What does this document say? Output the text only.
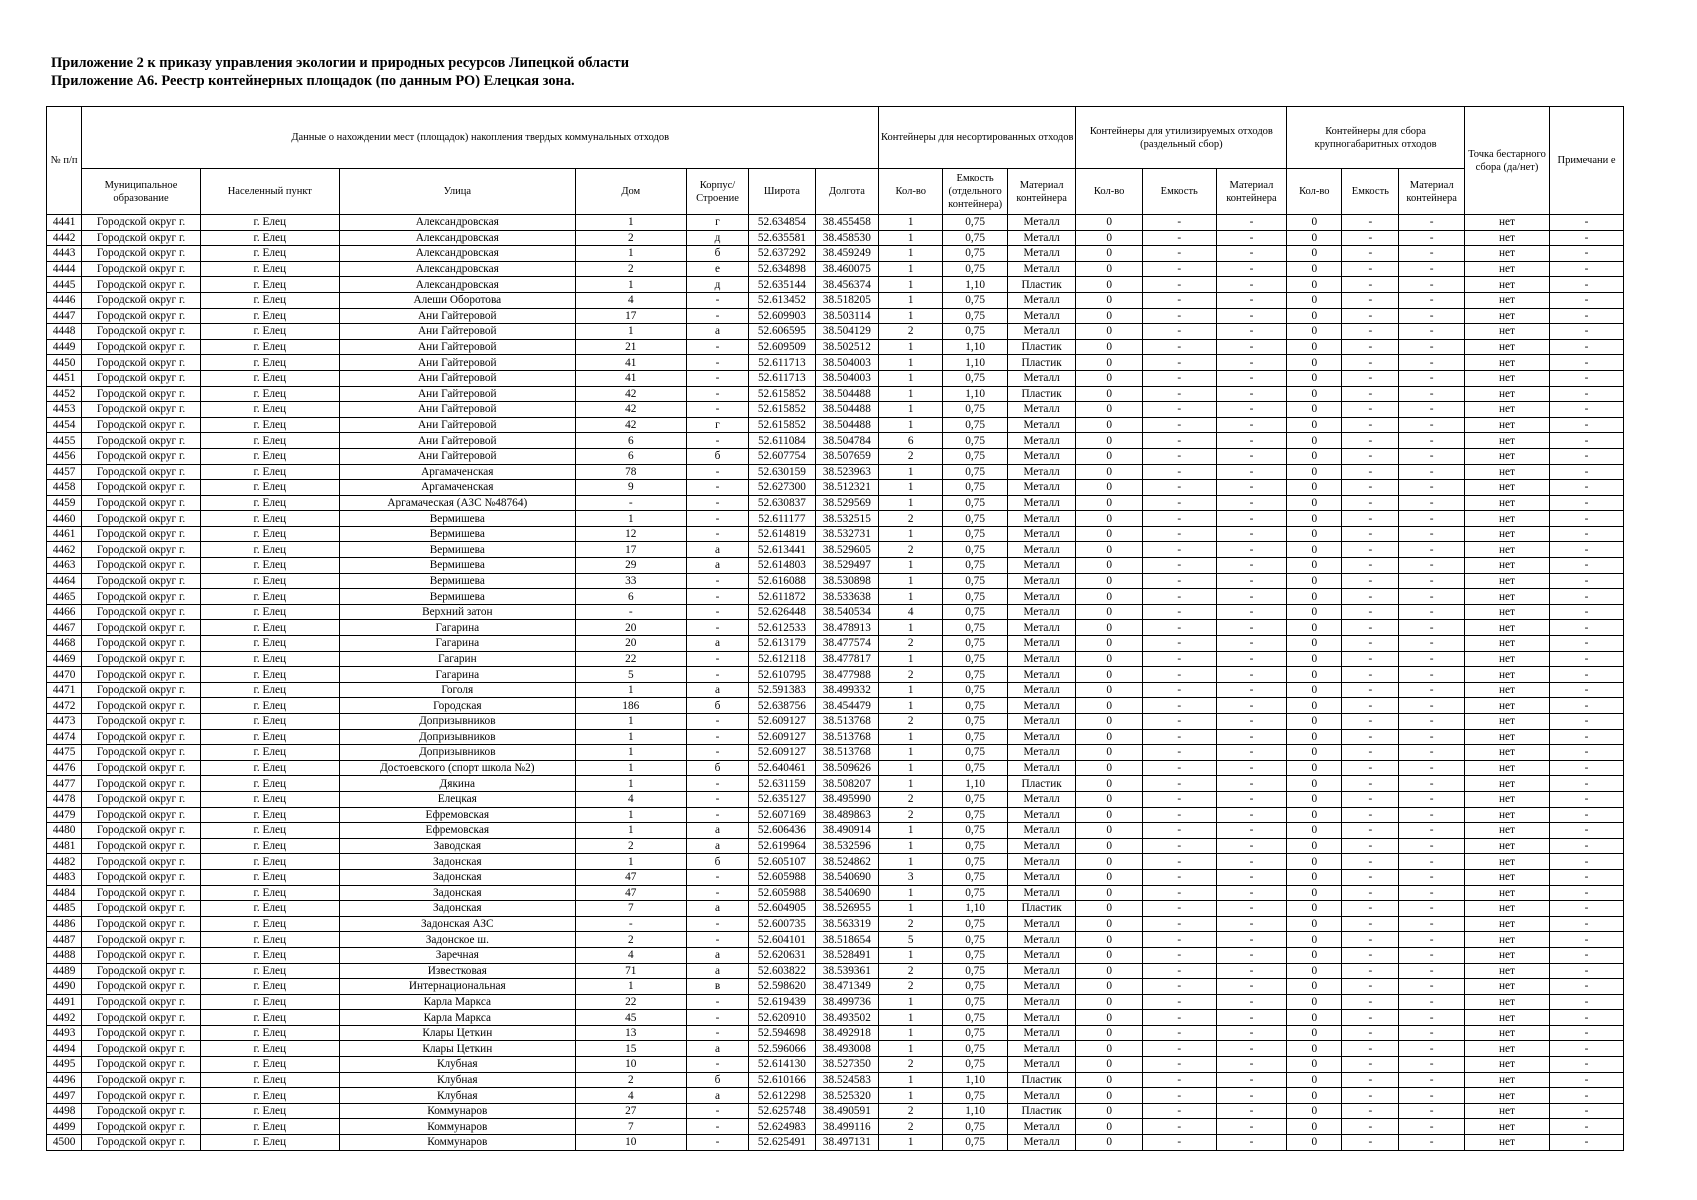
Приложение 2 к приказу управления экологии и природных ресурсов Липецкой области
Приложение А6. Реестр контейнерных площадок (по данным РО) Елецкая зона.
№ п/п	Данные о нахождении мест (площадок) накопления твердых коммунальных отходов							Контейнеры для несортированных отходов			Контейнеры для утилизируемых отходов (раздельный сбор)			Контейнеры для сбора крупногабаритных отходов			Точка бестарного сбора (да/нет)	Примечани е
	Муниципальное образование	Населенный пункт	Улица	Дом	Корпус/ Строение	Широта	Долгота	Кол-во	Емкость (отдельного контейнера)	Материал контейнера	Кол-во	Емкость	Материал контейнера	Кол-во	Емкость	Материал контейнера		
4441	Городской округ г.	г. Елец	Александровская	1	г	52.634854	38.455458	1	0,75	Металл	0	-	-	0	-	-	нет	-
4442	Городской округ г.	г. Елец	Александровская	2	д	52.635581	38.458530	1	0,75	Металл	0	-	-	0	-	-	нет	-
4443	Городской округ г.	г. Елец	Александровская	1	б	52.637292	38.459249	1	0,75	Металл	0	-	-	0	-	-	нет	-
4444	Городской округ г.	г. Елец	Александровская	2	е	52.634898	38.460075	1	0,75	Металл	0	-	-	0	-	-	нет	-
4445	Городской округ г.	г. Елец	Александровская	1	д	52.635144	38.456374	1	1,10	Пластик	0	-	-	0	-	-	нет	-
4446	Городской округ г.	г. Елец	Алеши Оборотова	4	-	52.613452	38.518205	1	0,75	Металл	0	-	-	0	-	-	нет	-
4447	Городской округ г.	г. Елец	Ани Гайтеровой	17	-	52.609903	38.503114	1	0,75	Металл	0	-	-	0	-	-	нет	-
4448	Городской округ г.	г. Елец	Ани Гайтеровой	1	а	52.606595	38.504129	2	0,75	Металл	0	-	-	0	-	-	нет	-
4449	Городской округ г.	г. Елец	Ани Гайтеровой	21	-	52.609509	38.502512	1	1,10	Пластик	0	-	-	0	-	-	нет	-
4450	Городской округ г.	г. Елец	Ани Гайтеровой	41	-	52.611713	38.504003	1	1,10	Пластик	0	-	-	0	-	-	нет	-
4451	Городской округ г.	г. Елец	Ани Гайтеровой	41	-	52.611713	38.504003	1	0,75	Металл	0	-	-	0	-	-	нет	-
4452	Городской округ г.	г. Елец	Ани Гайтеровой	42	-	52.615852	38.504488	1	1,10	Пластик	0	-	-	0	-	-	нет	-
4453	Городской округ г.	г. Елец	Ани Гайтеровой	42	-	52.615852	38.504488	1	0,75	Металл	0	-	-	0	-	-	нет	-
4454	Городской округ г.	г. Елец	Ани Гайтеровой	42	г	52.615852	38.504488	1	0,75	Металл	0	-	-	0	-	-	нет	-
4455	Городской округ г.	г. Елец	Ани Гайтеровой	6	-	52.611084	38.504784	6	0,75	Металл	0	-	-	0	-	-	нет	-
4456	Городской округ г.	г. Елец	Ани Гайтеровой	6	б	52.607754	38.507659	2	0,75	Металл	0	-	-	0	-	-	нет	-
4457	Городской округ г.	г. Елец	Аргамаченская	78	-	52.630159	38.523963	1	0,75	Металл	0	-	-	0	-	-	нет	-
4458	Городской округ г.	г. Елец	Аргамаченская	9	-	52.627300	38.512321	1	0,75	Металл	0	-	-	0	-	-	нет	-
4459	Городской округ г.	г. Елец	Аргамаческая (АЗС №48764)	-	-	52.630837	38.529569	1	0,75	Металл	0	-	-	0	-	-	нет	-
4460	Городской округ г.	г. Елец	Вермишева	1	-	52.611177	38.532515	2	0,75	Металл	0	-	-	0	-	-	нет	-
4461	Городской округ г.	г. Елец	Вермишева	12	-	52.614819	38.532731	1	0,75	Металл	0	-	-	0	-	-	нет	-
4462	Городской округ г.	г. Елец	Вермишева	17	а	52.613441	38.529605	2	0,75	Металл	0	-	-	0	-	-	нет	-
4463	Городской округ г.	г. Елец	Вермишева	29	а	52.614803	38.529497	1	0,75	Металл	0	-	-	0	-	-	нет	-
4464	Городской округ г.	г. Елец	Вермишева	33	-	52.616088	38.530898	1	0,75	Металл	0	-	-	0	-	-	нет	-
4465	Городской округ г.	г. Елец	Вермишева	6	-	52.611872	38.533638	1	0,75	Металл	0	-	-	0	-	-	нет	-
4466	Городской округ г.	г. Елец	Верхний затон	-	-	52.626448	38.540534	4	0,75	Металл	0	-	-	0	-	-	нет	-
4467	Городской округ г.	г. Елец	Гагарина	20	-	52.612533	38.478913	1	0,75	Металл	0	-	-	0	-	-	нет	-
4468	Городской округ г.	г. Елец	Гагарина	20	а	52.613179	38.477574	2	0,75	Металл	0	-	-	0	-	-	нет	-
4469	Городской округ г.	г. Елец	Гагарин	22	-	52.612118	38.477817	1	0,75	Металл	0	-	-	0	-	-	нет	-
4470	Городской округ г.	г. Елец	Гагарина	5	-	52.610795	38.477988	2	0,75	Металл	0	-	-	0	-	-	нет	-
4471	Городской округ г.	г. Елец	Гоголя	1	а	52.591383	38.499332	1	0,75	Металл	0	-	-	0	-	-	нет	-
4472	Городской округ г.	г. Елец	Городская	186	б	52.638756	38.454479	1	0,75	Металл	0	-	-	0	-	-	нет	-
4473	Городской округ г.	г. Елец	Допризывников	1	-	52.609127	38.513768	2	0,75	Металл	0	-	-	0	-	-	нет	-
4474	Городской округ г.	г. Елец	Допризывников	1	-	52.609127	38.513768	1	0,75	Металл	0	-	-	0	-	-	нет	-
4475	Городской округ г.	г. Елец	Допризывников	1	-	52.609127	38.513768	1	0,75	Металл	0	-	-	0	-	-	нет	-
4476	Городской округ г.	г. Елец	Достоевского (спорт школа №2)	1	б	52.640461	38.509626	1	0,75	Металл	0	-	-	0	-	-	нет	-
4477	Городской округ г.	г. Елец	Дякина	1	-	52.631159	38.508207	1	1,10	Пластик	0	-	-	0	-	-	нет	-
4478	Городской округ г.	г. Елец	Елецкая	4	-	52.635127	38.495990	2	0,75	Металл	0	-	-	0	-	-	нет	-
4479	Городской округ г.	г. Елец	Ефремовская	1	-	52.607169	38.489863	2	0,75	Металл	0	-	-	0	-	-	нет	-
4480	Городской округ г.	г. Елец	Ефремовская	1	а	52.606436	38.490914	1	0,75	Металл	0	-	-	0	-	-	нет	-
4481	Городской округ г.	г. Елец	Заводская	2	а	52.619964	38.532596	1	0,75	Металл	0	-	-	0	-	-	нет	-
4482	Городской округ г.	г. Елец	Задонская	1	б	52.605107	38.524862	1	0,75	Металл	0	-	-	0	-	-	нет	-
4483	Городской округ г.	г. Елец	Задонская	47	-	52.605988	38.540690	3	0,75	Металл	0	-	-	0	-	-	нет	-
4484	Городской округ г.	г. Елец	Задонская	47	-	52.605988	38.540690	1	0,75	Металл	0	-	-	0	-	-	нет	-
4485	Городской округ г.	г. Елец	Задонская	7	а	52.604905	38.526955	1	1,10	Пластик	0	-	-	0	-	-	нет	-
4486	Городской округ г.	г. Елец	Задонская АЗС	-	-	52.600735	38.563319	2	0,75	Металл	0	-	-	0	-	-	нет	-
4487	Городской округ г.	г. Елец	Задонское ш.	2	-	52.604101	38.518654	5	0,75	Металл	0	-	-	0	-	-	нет	-
4488	Городской округ г.	г. Елец	Заречная	4	а	52.620631	38.528491	1	0,75	Металл	0	-	-	0	-	-	нет	-
4489	Городской округ г.	г. Елец	Известковая	71	а	52.603822	38.539361	2	0,75	Металл	0	-	-	0	-	-	нет	-
4490	Городской округ г.	г. Елец	Интернациональная	1	в	52.598620	38.471349	2	0,75	Металл	0	-	-	0	-	-	нет	-
4491	Городской округ г.	г. Елец	Карла Маркса	22	-	52.619439	38.499736	1	0,75	Металл	0	-	-	0	-	-	нет	-
4492	Городской округ г.	г. Елец	Карла Маркса	45	-	52.620910	38.493502	1	0,75	Металл	0	-	-	0	-	-	нет	-
4493	Городской округ г.	г. Елец	Клары Цеткин	13	-	52.594698	38.492918	1	0,75	Металл	0	-	-	0	-	-	нет	-
4494	Городской округ г.	г. Елец	Клары Цеткин	15	а	52.596066	38.493008	1	0,75	Металл	0	-	-	0	-	-	нет	-
4495	Городской округ г.	г. Елец	Клубная	10	-	52.614130	38.527350	2	0,75	Металл	0	-	-	0	-	-	нет	-
4496	Городской округ г.	г. Елец	Клубная	2	б	52.610166	38.524583	1	1,10	Пластик	0	-	-	0	-	-	нет	-
4497	Городской округ г.	г. Елец	Клубная	4	а	52.612298	38.525320	1	0,75	Металл	0	-	-	0	-	-	нет	-
4498	Городской округ г.	г. Елец	Коммунаров	27	-	52.625748	38.490591	2	1,10	Пластик	0	-	-	0	-	-	нет	-
4499	Городской округ г.	г. Елец	Коммунаров	7	-	52.624983	38.499116	2	0,75	Металл	0	-	-	0	-	-	нет	-
4500	Городской округ г.	г. Елец	Коммунаров	10	-	52.625491	38.497131	1	0,75	Металл	0	-	-	0	-	-	нет	-
